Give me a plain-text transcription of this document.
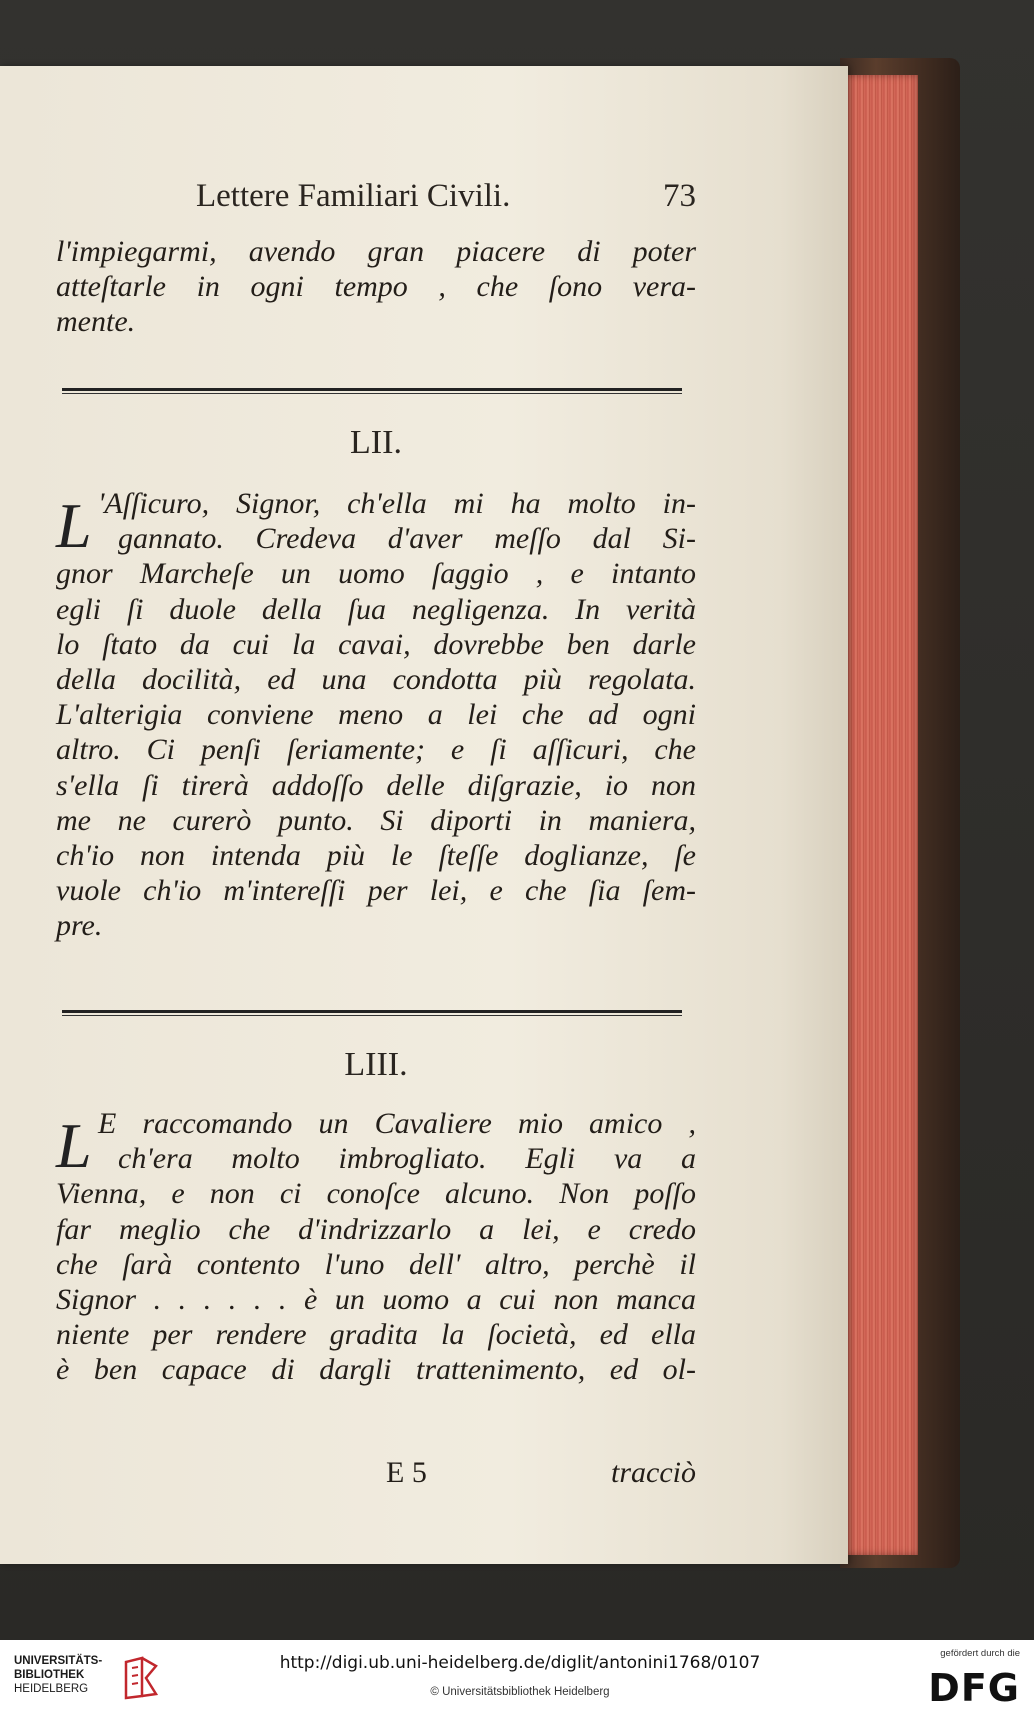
Lettere Familiari Civili.	73
l'impiegarmi, avendo gran piacere di poter
atteſtarle in ogni tempo , che ſono vera-
mente.
LII.
L 'Aſſicuro, Signor, ch'ella mi ha molto in-
gannato. Credeva d'aver meſſo dal Si-
gnor Marcheſe un uomo ſaggio , e intanto
egli ſi duole della ſua negligenza. In verità
lo ſtato da cui la cavai, dovrebbe ben darle
della docilità, ed una condotta più regolata.
L'alterigia conviene meno a lei che ad ogni
altro. Ci penſi ſeriamente; e ſi aſſicuri, che
s'ella ſi tirerà addoſſo delle diſgrazie, io non
me ne curerò punto. Si diporti in maniera,
ch'io non intenda più le ſteſſe doglianze, ſe
vuole ch'io m'intereſſi per lei, e che ſia ſem-
pre.
LIII.
L E raccomando un Cavaliere mio amico ,
ch'era molto imbrogliato. Egli va a
Vienna, e non ci conoſce alcuno. Non poſſo
far meglio che d'indrizzarlo a lei, e credo
che ſarà contento l'uno dell' altro, perchè il
Signor . . . . . . è un uomo a cui non manca
niente per rendere gradita la ſocietà, ed ella
è ben capace di dargli trattenimento, ed ol-
E 5	tracciò
UNIVERSITÄTS-
BIBLIOTHEK
HEIDELBERG
http://digi.ub.uni-heidelberg.de/diglit/antonini1768/0107
© Universitätsbibliothek Heidelberg
gefördert durch die
DFG
